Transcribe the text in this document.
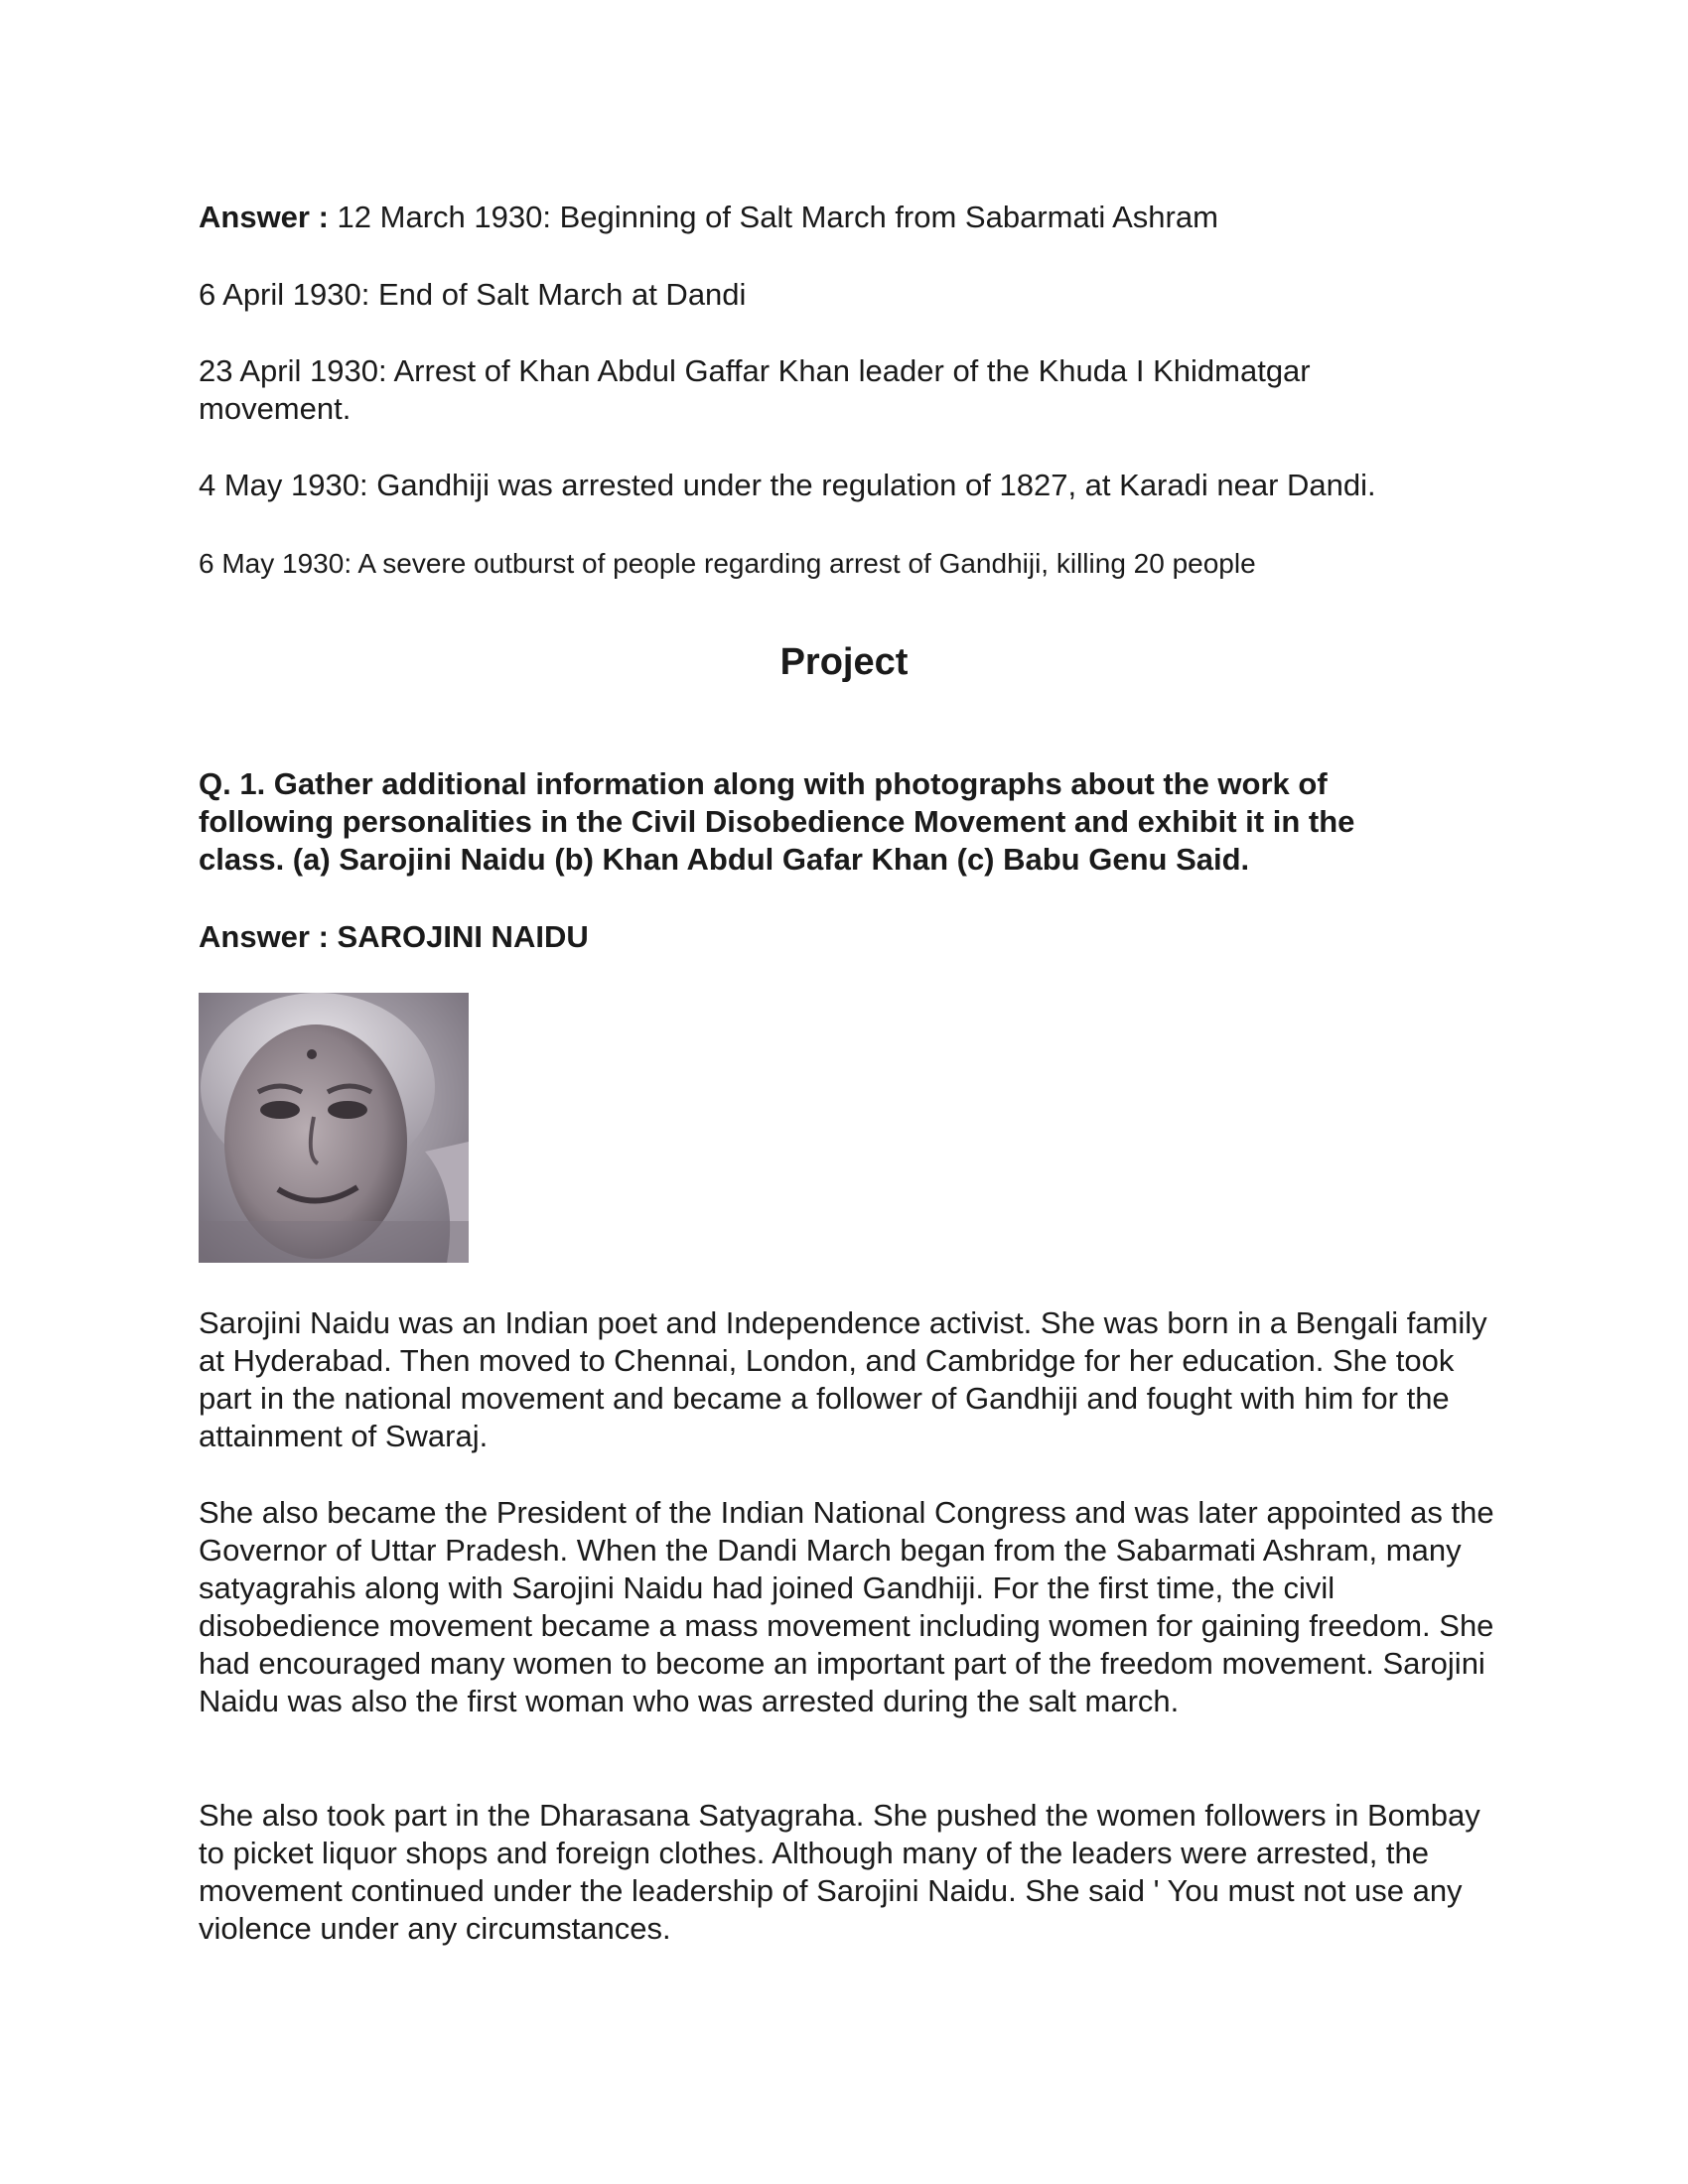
Answer : 12 March 1930: Beginning of Salt March from Sabarmati Ashram

6 April 1930: End of Salt March at Dandi

23 April 1930: Arrest of Khan Abdul Gaffar Khan leader of the Khuda I Khidmatgar

movement.

4 May 1930: Gandhiji was arrested under the regulation of 1827, at Karadi near Dandi.

6 May 1930: A severe outburst of people regarding arrest of Gandhiji, killing 20 people

Project

Q. 1. Gather additional information along with photographs about the work of

following personalities in the Civil Disobedience Movement and exhibit it in the

class. (a) Sarojini Naidu (b) Khan Abdul Gafar Khan (c) Babu Genu Said.

Answer : SAROJINI NAIDU

Sarojini Naidu was an Indian poet and Independence activist. She was born in a Bengali family at Hyderabad. Then moved to Chennai, London, and Cambridge for her education. She took part in the national movement and became a follower of Gandhiji and fought with him for the attainment of Swaraj.

She also became the President of the Indian National Congress and was later appointed as the Governor of Uttar Pradesh. When the Dandi March began from the Sabarmati Ashram, many satyagrahis along with Sarojini Naidu had joined Gandhiji. For the first time, the civil disobedience movement became a mass movement including women for gaining freedom. She had encouraged many women to become an important part of the freedom movement. Sarojini Naidu was also the first woman who was arrested during the salt march.

She also took part in the Dharasana Satyagraha. She pushed the women followers in Bombay to picket liquor shops and foreign clothes. Although many of the leaders were arrested, the movement continued under the leadership of Sarojini Naidu. She said ' You must not use any violence under any circumstances.
